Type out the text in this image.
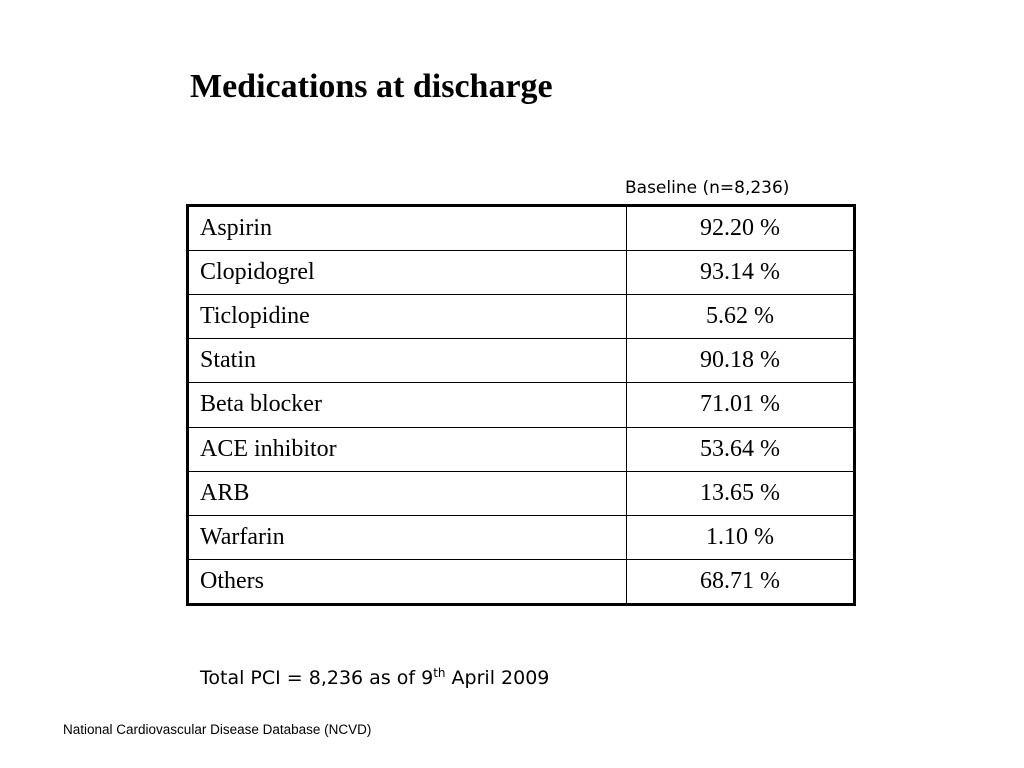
Medications at discharge
Baseline (n=8,236)
Aspirin	92.20 %
Clopidogrel	93.14 %
Ticlopidine	5.62 %
Statin	90.18 %
Beta blocker	71.01 %
ACE inhibitor	53.64 %
ARB	13.65 %
Warfarin	1.10 %
Others	68.71 %
Total PCI = 8,236 as of 9th April 2009
National Cardiovascular Disease Database (NCVD)
